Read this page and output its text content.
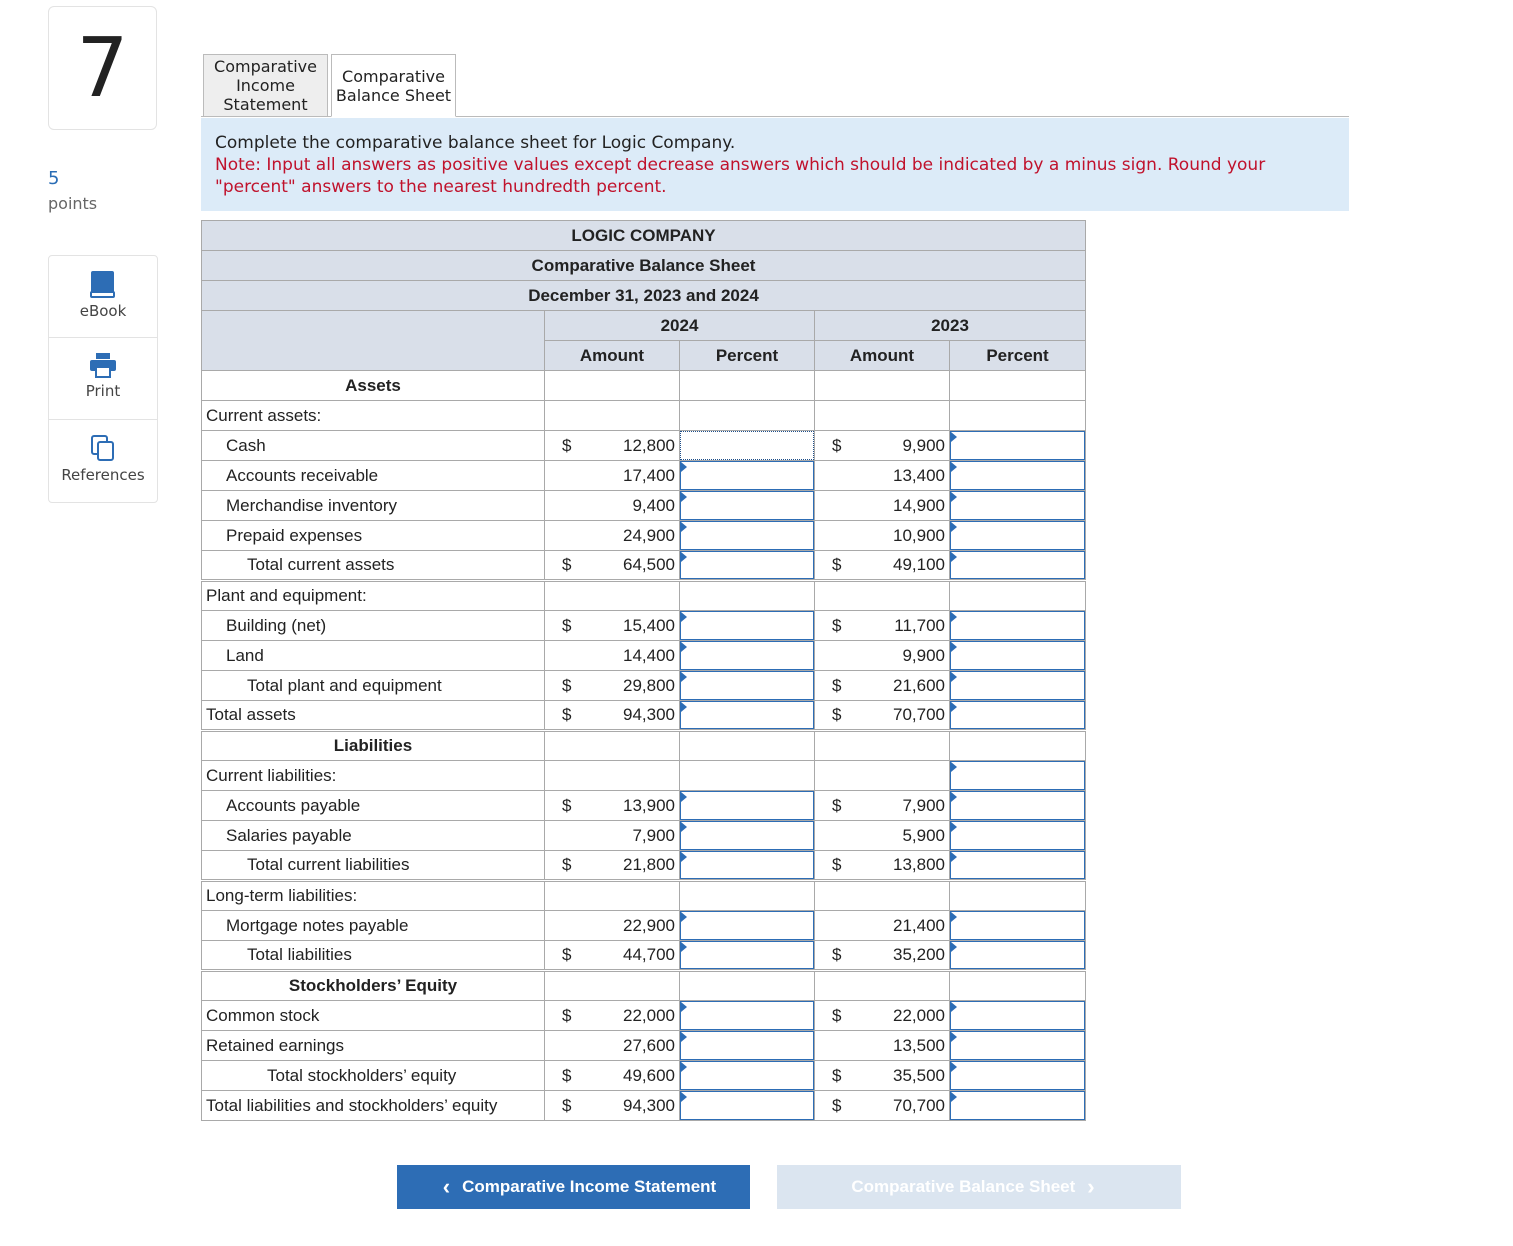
7
5
points
eBook
Print
References
Comparative Income Statement
Comparative Balance Sheet
Complete the comparative balance sheet for Logic Company.
Note: Input all answers as positive values except decrease answers which should be indicated by a minus sign. Round your "percent" answers to the nearest hundredth percent.
LOGIC COMPANY				
Comparative Balance Sheet				
December 31, 2023 and 2024				
	2024		2023	
	Amount	Percent	Amount	Percent
Assets				
Current assets:				
Cash	$ 12,800		$ 9,900

Accounts receivable	17,400		13,400

Merchandise inventory	9,400		14,900

Prepaid expenses	24,900		10,900

Total current assets	$ 64,500		$ 49,100

Plant and equipment:				
Building (net)	$ 15,400		$ 11,700

Land	14,400		9,900

Total plant and equipment	$ 29,800		$ 21,600

Total assets	$ 94,300		$ 70,700

Liabilities				
Current liabilities:				

Accounts payable	$ 13,900		$ 7,900

Salaries payable	7,900		5,900

Total current liabilities	$ 21,800		$ 13,800

Long-term liabilities:				
Mortgage notes payable	22,900		21,400

Total liabilities	$ 44,700		$ 35,200

Stockholders’ Equity				
Common stock	$ 22,000		$ 22,000

Retained earnings	27,600		13,500

Total stockholders’ equity	$ 49,600		$ 35,500

Total liabilities and stockholders’ equity	$ 94,300		$ 70,700

‹ Comparative Income Statement	Comparative Balance Sheet ›
